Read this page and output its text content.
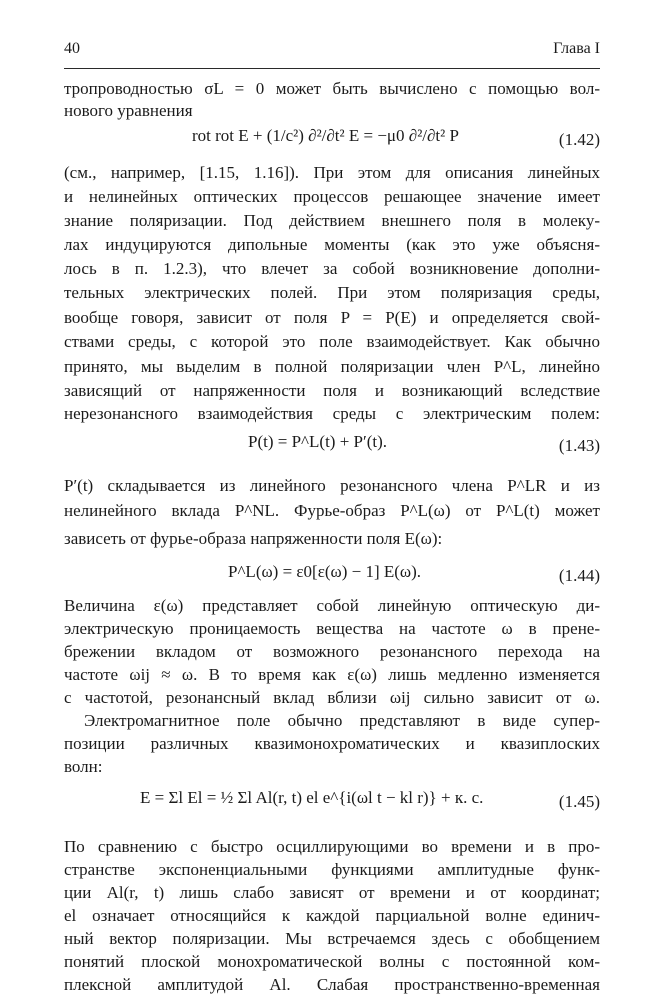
40	Глава I
тропроводностью σL = 0 может быть вычислено с помощью вол-
нового уравнения
rot rot E + (1/c²) ∂²/∂t² E = −μ0 ∂²/∂t² P	(1.42)
(см., например, [1.15, 1.16]). При этом для описания линейных
и нелинейных оптических процессов решающее значение имеет
знание поляризации. Под действием внешнего поля в молеку-
лах индуцируются дипольные моменты (как это уже объясня-
лось в п. 1.2.3), что влечет за собой возникновение дополни-
тельных электрических полей. При этом поляризация среды,
вообще говоря, зависит от поля P = P(E) и определяется свой-
ствами среды, с которой это поле взаимодействует. Как обычно
принято, мы выделим в полной поляризации член P^L, линейно
зависящий от напряженности поля и возникающий вследствие
нерезонансного взаимодействия среды с электрическим полем:
P(t) = P^L(t) + P′(t).	(1.43)
P′(t) складывается из линейного резонансного члена P^LR и из
нелинейного вклада P^NL. Фурье-образ P^L(ω) от P^L(t) может
зависеть от фурье-образа напряженности поля E(ω):
P^L(ω) = ε0[ε(ω) − 1] E(ω).	(1.44)
Величина ε(ω) представляет собой линейную оптическую ди-
электрическую проницаемость вещества на частоте ω в прене-
брежении вкладом от возможного резонансного перехода на
частоте ωij ≈ ω. В то время как ε(ω) лишь медленно изменяется
с частотой, резонансный вклад вблизи ωij сильно зависит от ω.
Электромагнитное поле обычно представляют в виде супер-
позиции различных квазимонохроматических и квазиплоских
волн:
E = Σl El = ½ Σl Al(r, t) el e^{i(ωl t − kl r)} + к. с.	(1.45)
По сравнению с быстро осциллирующими во времени и в про-
странстве экспоненциальными функциями амплитудные функ-
ции Al(r, t) лишь слабо зависят от времени и от координат;
el означает относящийся к каждой парциальной волне единич-
ный вектор поляризации. Мы встречаемся здесь с обобщением
понятий плоской монохроматической волны с постоянной ком-
плексной амплитудой Al. Слабая пространственно-временная
